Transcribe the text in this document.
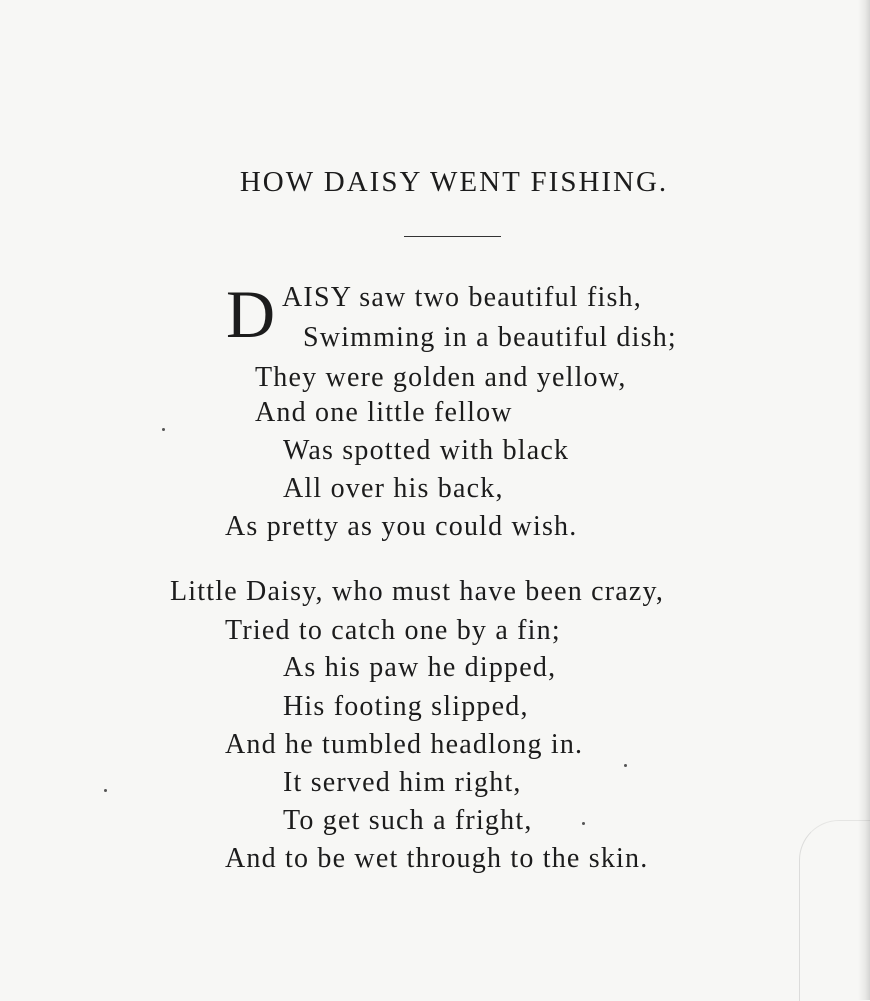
HOW DAISY WENT FISHING.
D AISY saw two beautiful fish,
Swimming in a beautiful dish;
They were golden and yellow,
And one little fellow
Was spotted with black
All over his back,
As pretty as you could wish.
Little Daisy, who must have been crazy,
Tried to catch one by a fin;
As his paw he dipped,
His footing slipped,
And he tumbled headlong in.
It served him right,
To get such a fright,
And to be wet through to the skin.
